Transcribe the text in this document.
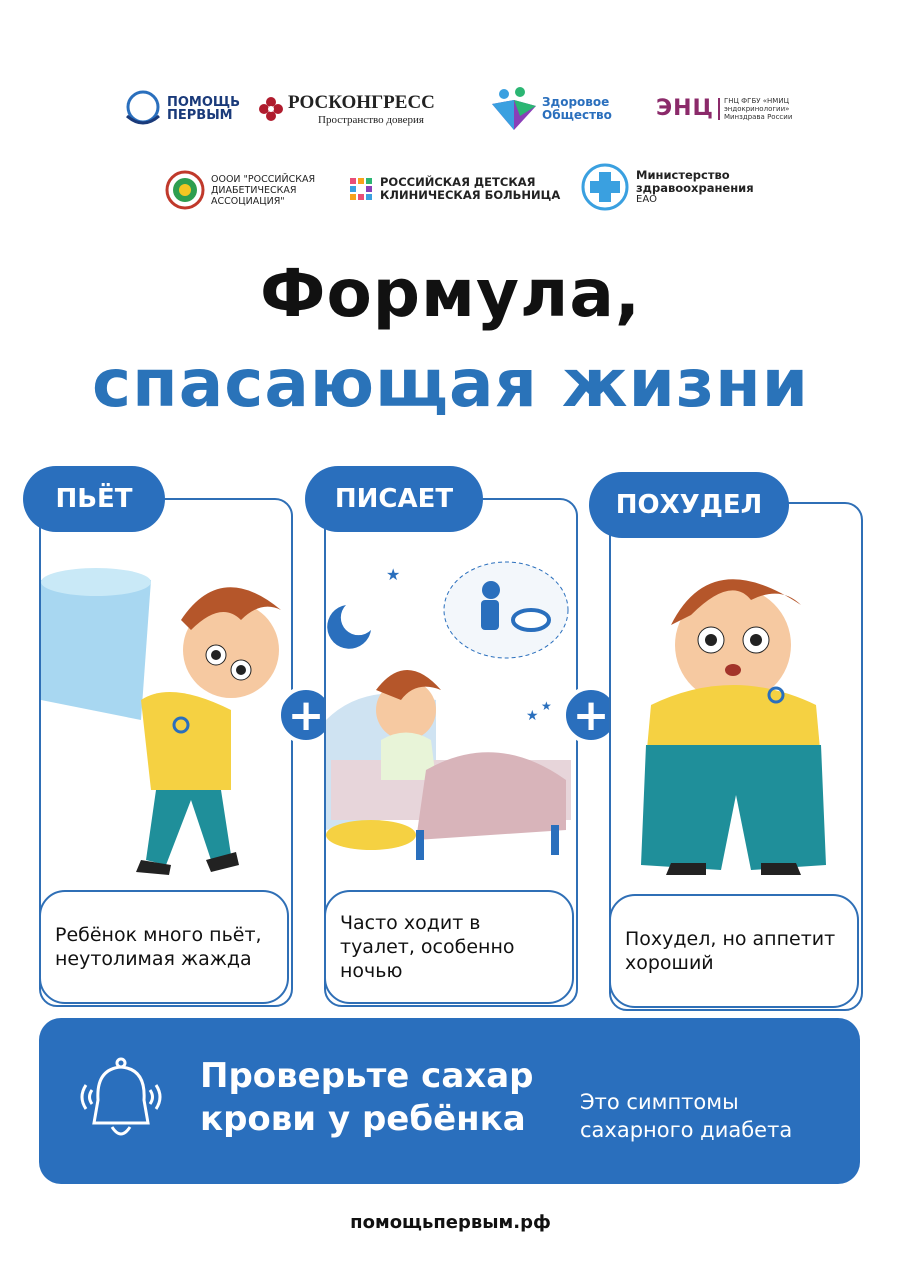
ПОМОЩЬ
ПЕРВЫМ
РОСКОНГРЕСС
Пространство доверия
Здоровое
Общество ЭНЦ ГНЦ ФГБУ «НМИЦ эндокринологии» Минздрава России
ОООИ "РОССИЙСКАЯ
ДИАБЕТИЧЕСКАЯ
АССОЦИАЦИЯ"
РОССИЙСКАЯ ДЕТСКАЯ
КЛИНИЧЕСКАЯ БОЛЬНИЦА
Министерство
здравоохранения
ЕАО
Формула,
спасающая жизни
ПЬЁТ
Ребёнок много пьёт, неутолимая жажда
+
ПИСАЕТ
★
★
★
Часто ходит в туалет, особенно ночью
+
ПОХУДЕЛ
Похудел, но аппетит хороший
Проверьте сахар крови у ребёнка	Это симптомы сахарного диабета
помощьпервым.рф
